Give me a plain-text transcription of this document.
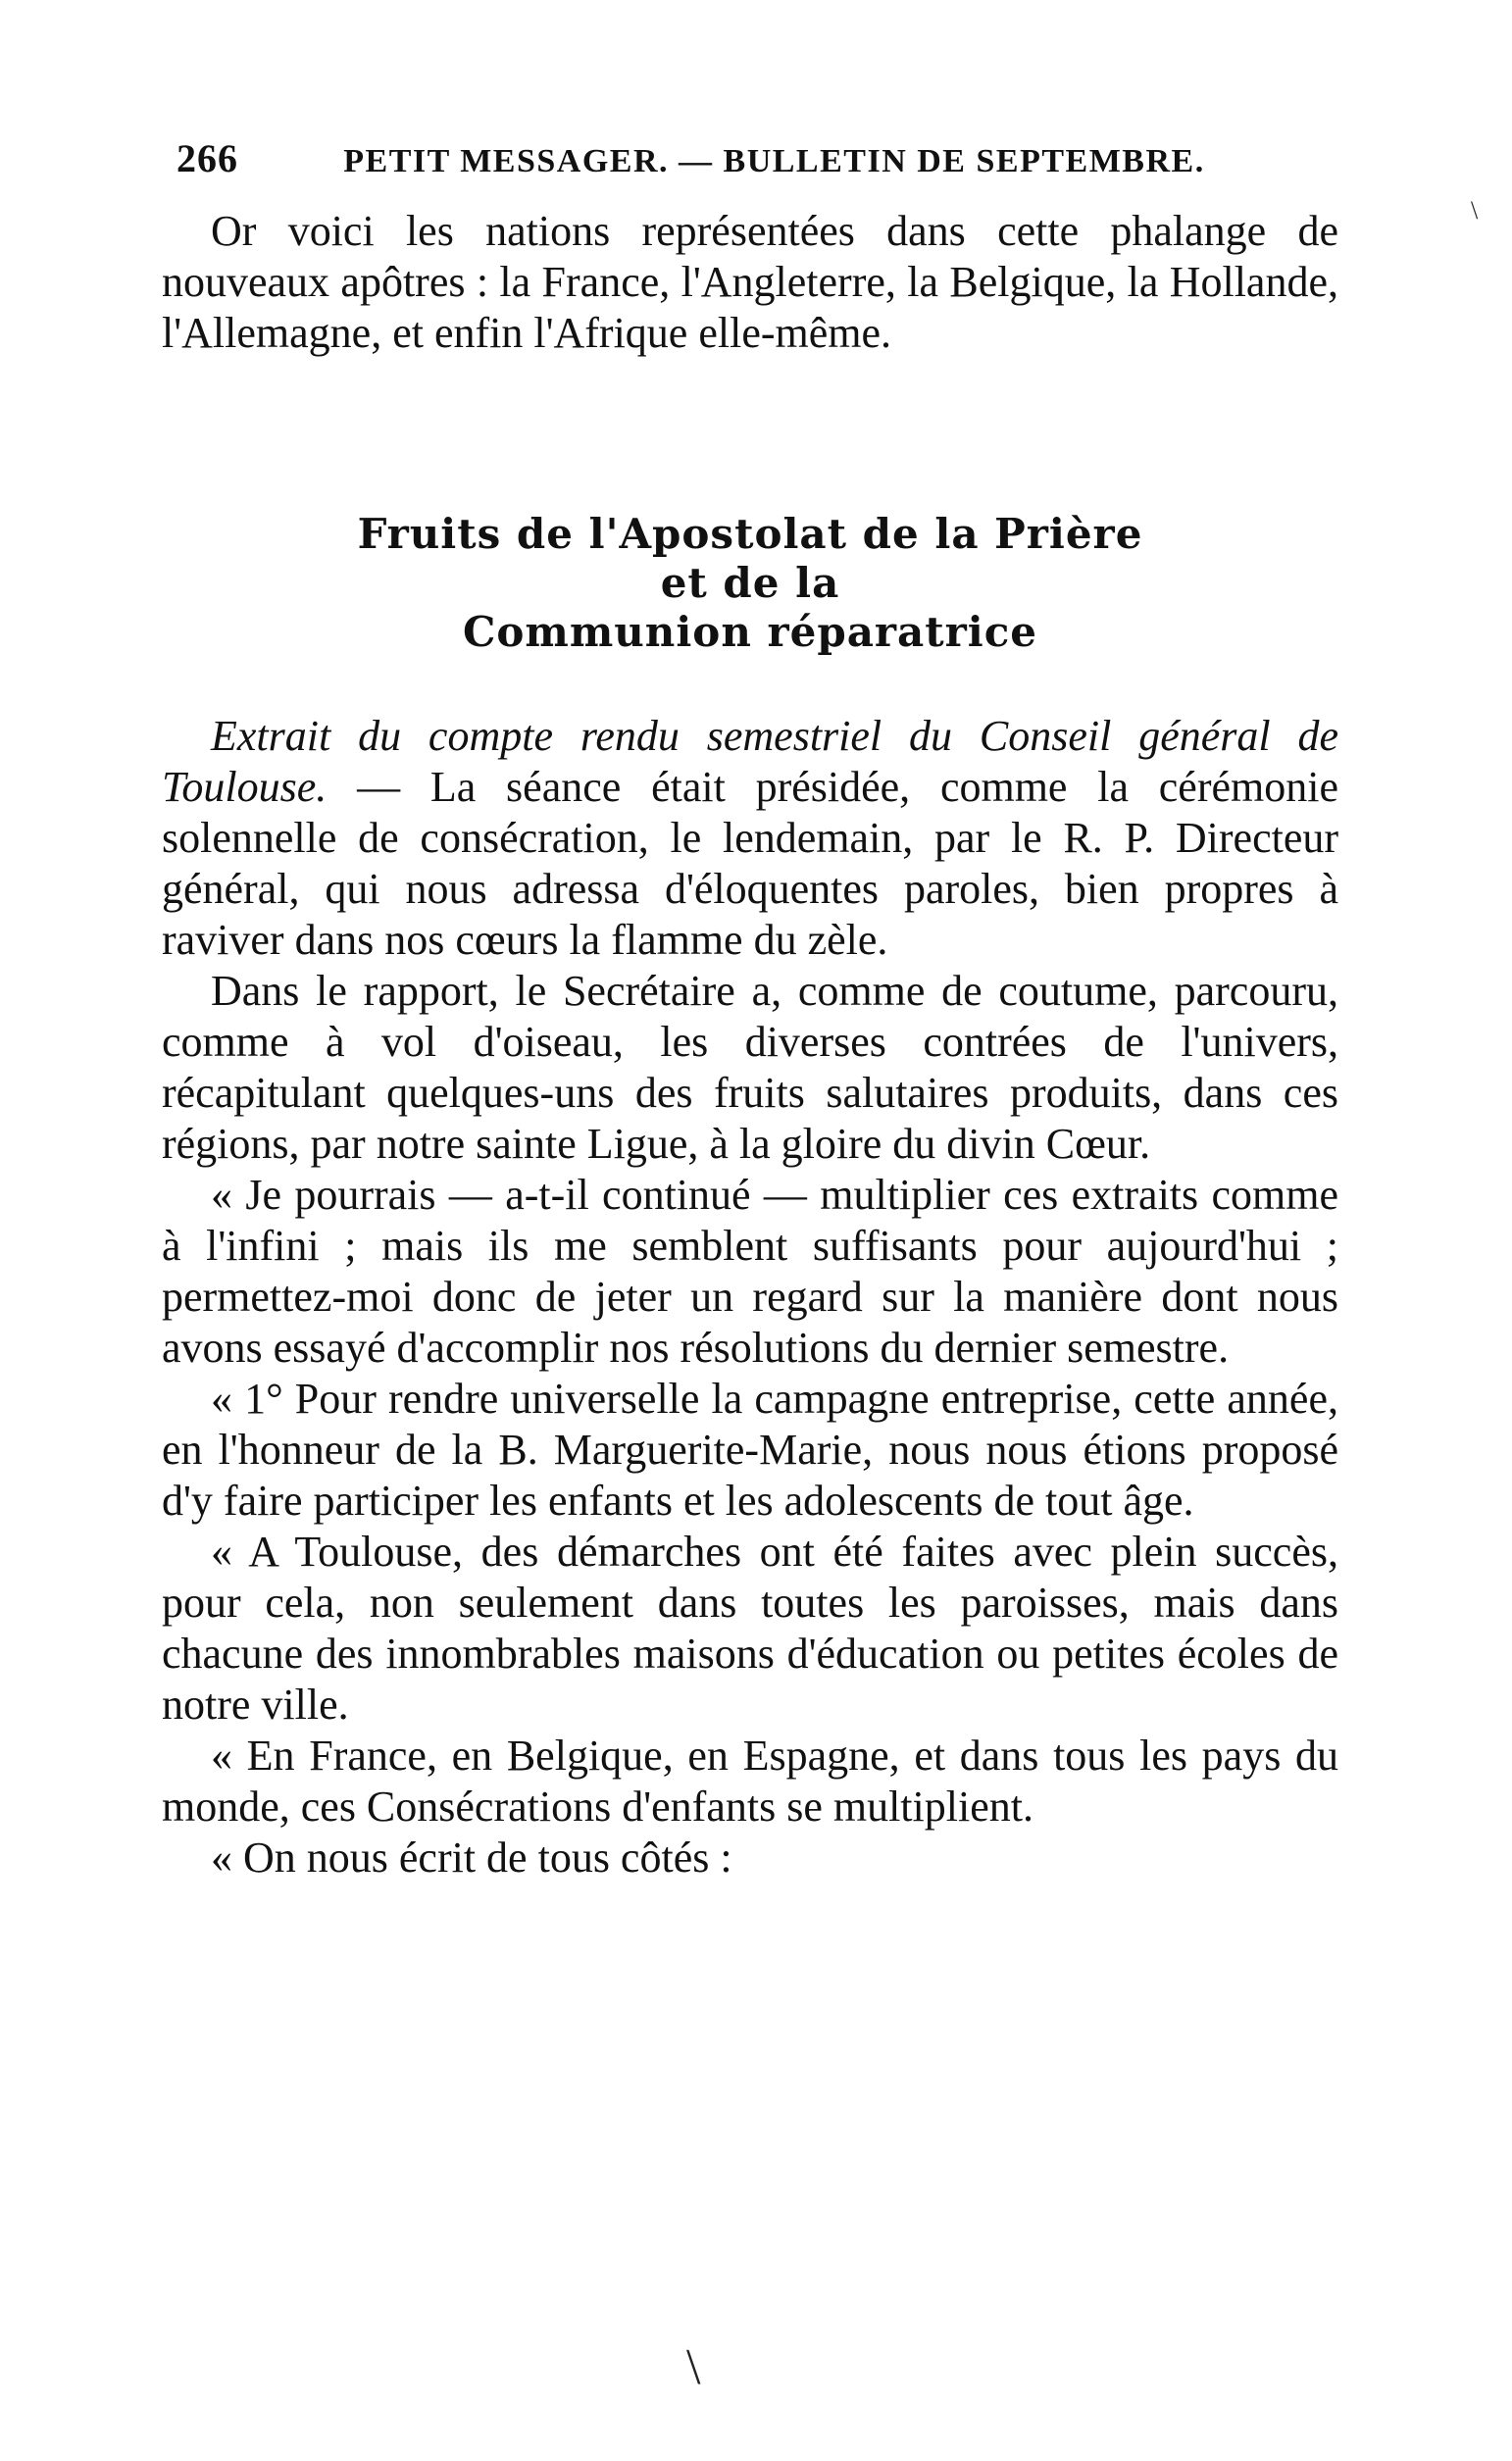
266	PETIT MESSAGER. — BULLETIN DE SEPTEMBRE.

Or voici les nations représentées dans cette phalange de nouveaux apôtres : la France, l'Angleterre, la Belgique, la Hollande, l'Allemagne, et enfin l'Afrique elle-même.

Fruits de l'Apostolat de la Prière
et de la
Communion réparatrice

Extrait du compte rendu semestriel du Conseil général de Toulouse. — La séance était présidée, comme la cérémonie solennelle de consécration, le lendemain, par le R. P. Directeur général, qui nous adressa d'éloquentes paroles, bien propres à raviver dans nos cœurs la flamme du zèle.

Dans le rapport, le Secrétaire a, comme de coutume, parcouru, comme à vol d'oiseau, les diverses contrées de l'univers, récapitulant quelques-uns des fruits salutaires produits, dans ces régions, par notre sainte Ligue, à la gloire du divin Cœur.

« Je pourrais — a-t-il continué — multiplier ces extraits comme à l'infini ; mais ils me semblent suffisants pour aujourd'hui ; permettez-moi donc de jeter un regard sur la manière dont nous avons essayé d'accomplir nos résolutions du dernier semestre.

« 1° Pour rendre universelle la campagne entreprise, cette année, en l'honneur de la B. Marguerite-Marie, nous nous étions proposé d'y faire participer les enfants et les adolescents de tout âge.

« A Toulouse, des démarches ont été faites avec plein succès, pour cela, non seulement dans toutes les paroisses, mais dans chacune des innombrables maisons d'éducation ou petites écoles de notre ville.

« En France, en Belgique, en Espagne, et dans tous les pays du monde, ces Consécrations d'enfants se multiplient.

« On nous écrit de tous côtés :

\
\
